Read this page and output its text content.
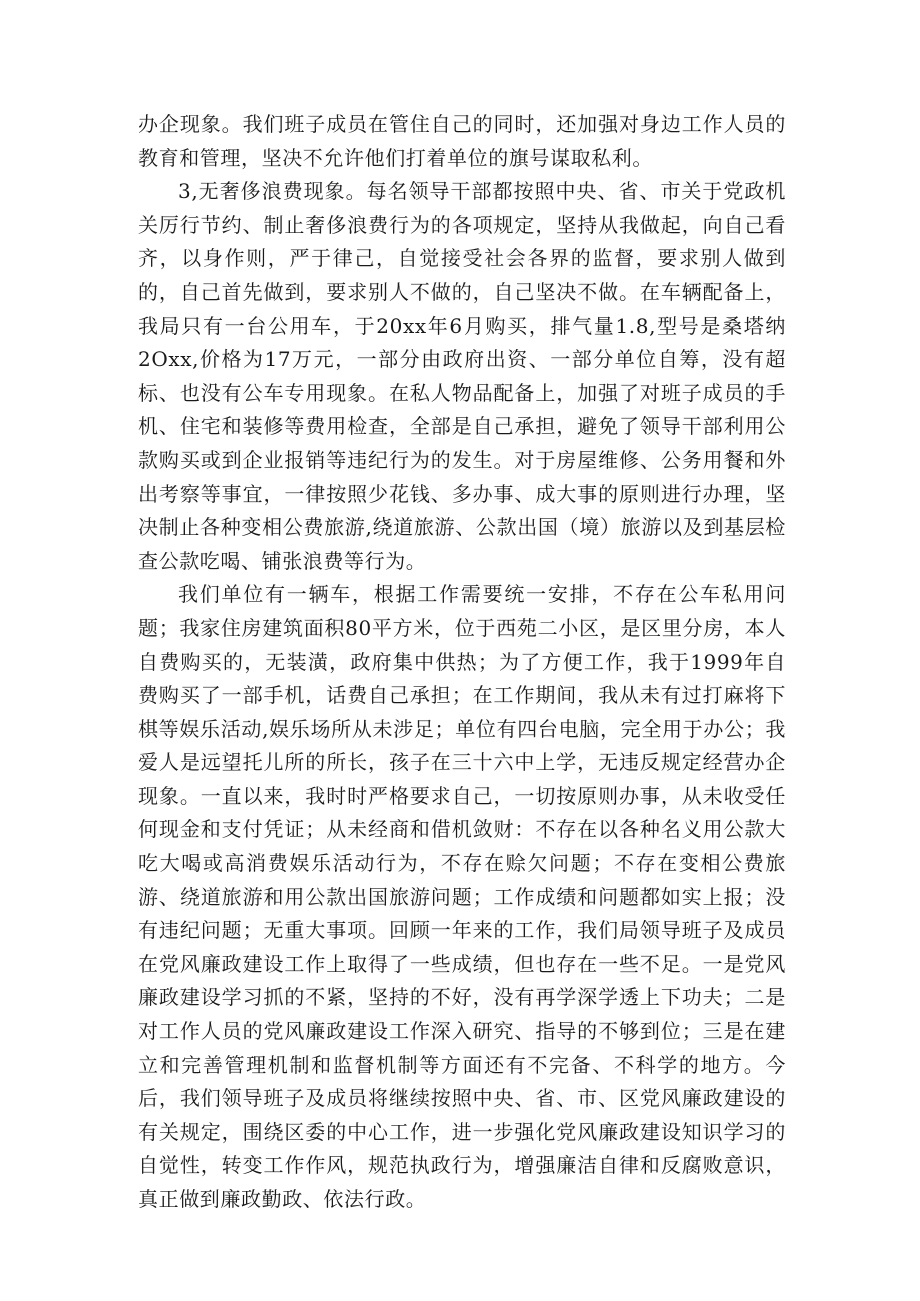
办企现象。我们班子成员在管住自己的同时，还加强对身边工作人员的教育和管理，坚决不允许他们打着单位的旗号谋取私利。

3,无奢侈浪费现象。每名领导干部都按照中央、省、市关于党政机关厉行节约、制止奢侈浪费行为的各项规定，坚持从我做起，向自己看齐，以身作则，严于律己，自觉接受社会各界的监督，要求别人做到的，自己首先做到，要求别人不做的，自己坚决不做。在车辆配备上，我局只有一台公用车，于20xx年6月购买，排气量1.8,型号是桑塔纳2Oxx,价格为17万元，一部分由政府出资、一部分单位自筹，没有超标、也没有公车专用现象。在私人物品配备上，加强了对班子成员的手机、住宅和装修等费用检查，全部是自己承担，避免了领导干部利用公款购买或到企业报销等违纪行为的发生。对于房屋维修、公务用餐和外出考察等事宜，一律按照少花钱、多办事、成大事的原则进行办理，坚决制止各种变相公费旅游,绕道旅游、公款出国（境）旅游以及到基层检查公款吃喝、铺张浪费等行为。

我们单位有一辆车，根据工作需要统一安排，不存在公车私用问题；我家住房建筑面积80平方米，位于西苑二小区，是区里分房，本人自费购买的，无装潢，政府集中供热；为了方便工作，我于1999年自费购买了一部手机，话费自己承担；在工作期间，我从未有过打麻将下棋等娱乐活动,娱乐场所从未涉足；单位有四台电脑，完全用于办公；我爱人是远望托儿所的所长，孩子在三十六中上学，无违反规定经营办企现象。一直以来，我时时严格要求自己，一切按原则办事，从未收受任何现金和支付凭证；从未经商和借机敛财：不存在以各种名义用公款大吃大喝或高消费娱乐活动行为，不存在赊欠问题；不存在变相公费旅游、绕道旅游和用公款出国旅游问题；工作成绩和问题都如实上报；没有违纪问题；无重大事项。回顾一年来的工作，我们局领导班子及成员在党风廉政建设工作上取得了一些成绩，但也存在一些不足。一是党风廉政建设学习抓的不紧，坚持的不好，没有再学深学透上下功夫；二是对工作人员的党风廉政建设工作深入研究、指导的不够到位；三是在建立和完善管理机制和监督机制等方面还有不完备、不科学的地方。今后，我们领导班子及成员将继续按照中央、省、市、区党风廉政建设的有关规定，围绕区委的中心工作，进一步强化党风廉政建设知识学习的自觉性，转变工作作风，规范执政行为，增强廉洁自律和反腐败意识，真正做到廉政勤政、依法行政。
